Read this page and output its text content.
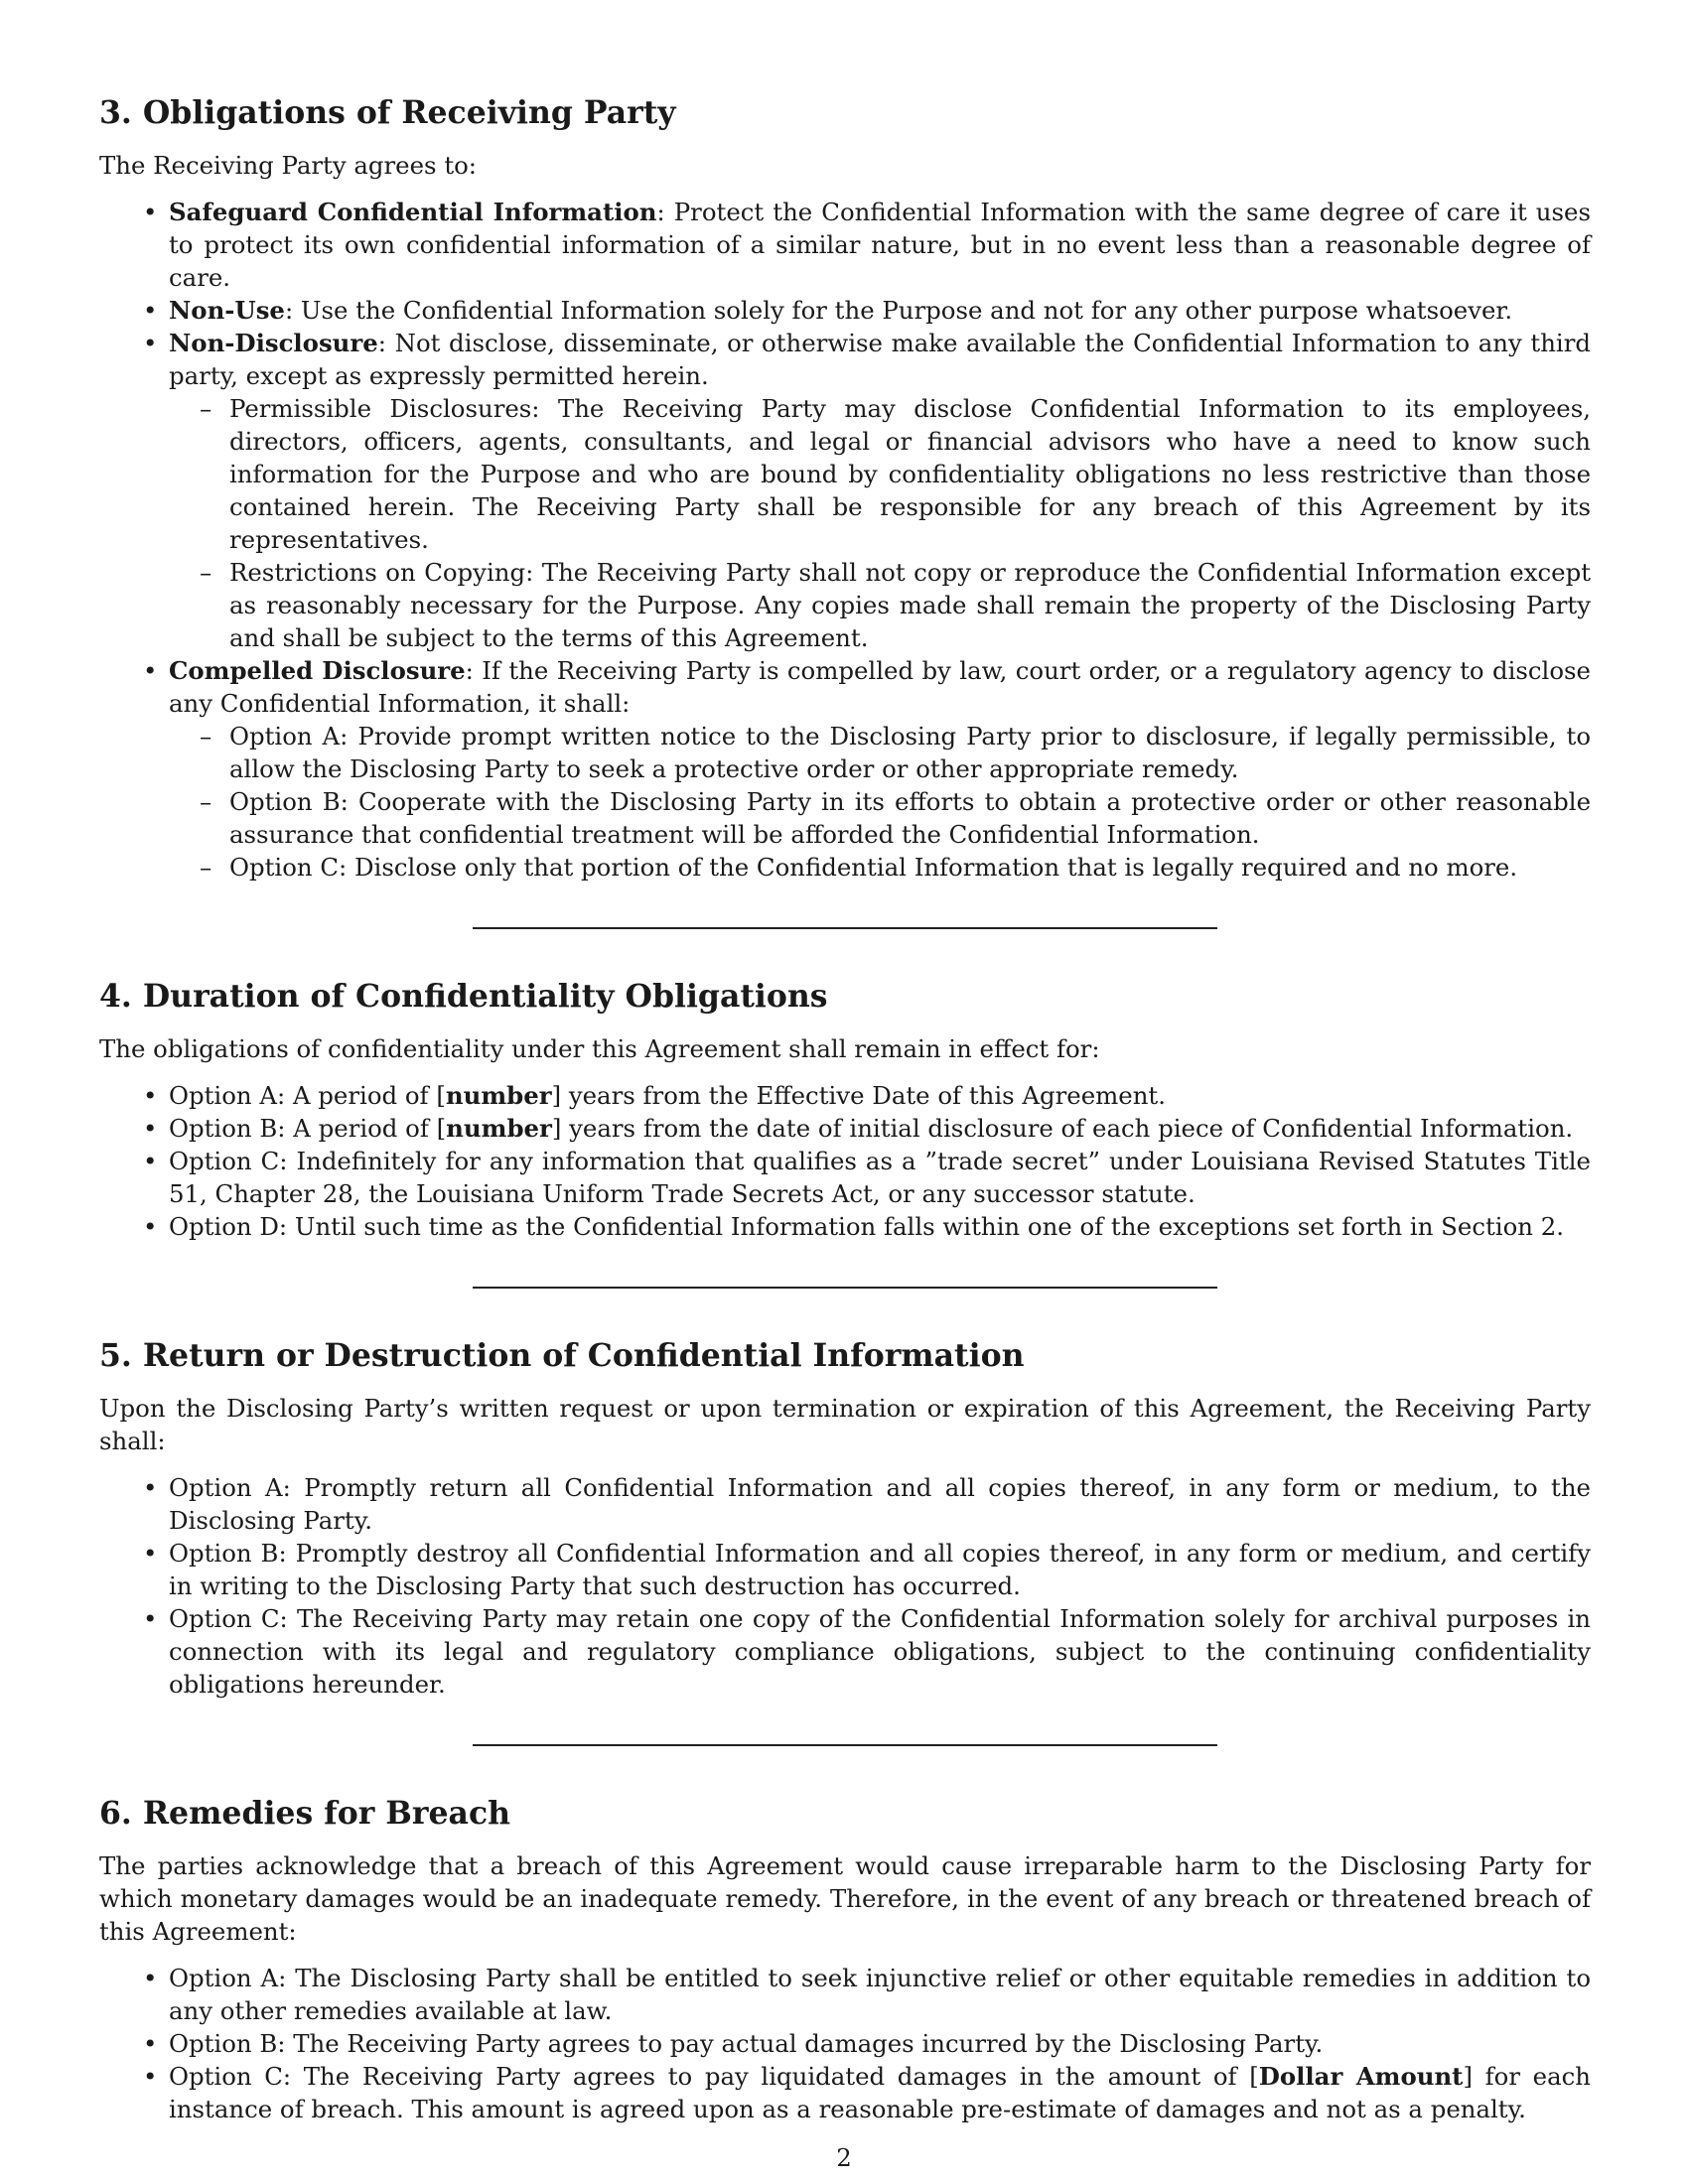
3. Obligations of Receiving Party

The Receiving Party agrees to:

• Safeguard Confidential Information: Protect the Confidential Information with the same degree of care it uses to protect its own confidential information of a similar nature, but in no event less than a reasonable degree of care.
• Non-Use: Use the Confidential Information solely for the Purpose and not for any other purpose whatsoever.
• Non-Disclosure: Not disclose, disseminate, or otherwise make available the Confidential Information to any third party, except as expressly permitted herein.
– Permissible Disclosures: The Receiving Party may disclose Confidential Information to its employees, directors, officers, agents, consultants, and legal or financial advisors who have a need to know such information for the Purpose and who are bound by confidentiality obligations no less restrictive than those contained herein. The Receiving Party shall be responsible for any breach of this Agreement by its representatives.
– Restrictions on Copying: The Receiving Party shall not copy or reproduce the Confidential Information except as reasonably necessary for the Purpose. Any copies made shall remain the property of the Disclosing Party and shall be subject to the terms of this Agreement.
• Compelled Disclosure: If the Receiving Party is compelled by law, court order, or a regulatory agency to disclose any Confidential Information, it shall:
– Option A: Provide prompt written notice to the Disclosing Party prior to disclosure, if legally permissible, to allow the Disclosing Party to seek a protective order or other appropriate remedy.
– Option B: Cooperate with the Disclosing Party in its efforts to obtain a protective order or other reasonable assurance that confidential treatment will be afforded the Confidential Information.
– Option C: Disclose only that portion of the Confidential Information that is legally required and no more.
4. Duration of Confidentiality Obligations

The obligations of confidentiality under this Agreement shall remain in effect for:

• Option A: A period of [number] years from the Effective Date of this Agreement.
• Option B: A period of [number] years from the date of initial disclosure of each piece of Confidential Information.
• Option C: Indefinitely for any information that qualifies as a ”trade secret” under Louisiana Revised Statutes Title 51, Chapter 28, the Louisiana Uniform Trade Secrets Act, or any successor statute.
• Option D: Until such time as the Confidential Information falls within one of the exceptions set forth in Section 2.
5. Return or Destruction of Confidential Information

Upon the Disclosing Party’s written request or upon termination or expiration of this Agreement, the Receiving Party shall:

• Option A: Promptly return all Confidential Information and all copies thereof, in any form or medium, to the Disclosing Party.
• Option B: Promptly destroy all Confidential Information and all copies thereof, in any form or medium, and certify in writing to the Disclosing Party that such destruction has occurred.
• Option C: The Receiving Party may retain one copy of the Confidential Information solely for archival purposes in connection with its legal and regulatory compliance obligations, subject to the continuing confidentiality obligations hereunder.
6. Remedies for Breach

The parties acknowledge that a breach of this Agreement would cause irreparable harm to the Disclosing Party for which monetary damages would be an inadequate remedy. Therefore, in the event of any breach or threatened breach of this Agreement:

• Option A: The Disclosing Party shall be entitled to seek injunctive relief or other equitable remedies in addition to any other remedies available at law.
• Option B: The Receiving Party agrees to pay actual damages incurred by the Disclosing Party.
• Option C: The Receiving Party agrees to pay liquidated damages in the amount of [Dollar Amount] for each instance of breach. This amount is agreed upon as a reasonable pre-estimate of damages and not as a penalty.
2
